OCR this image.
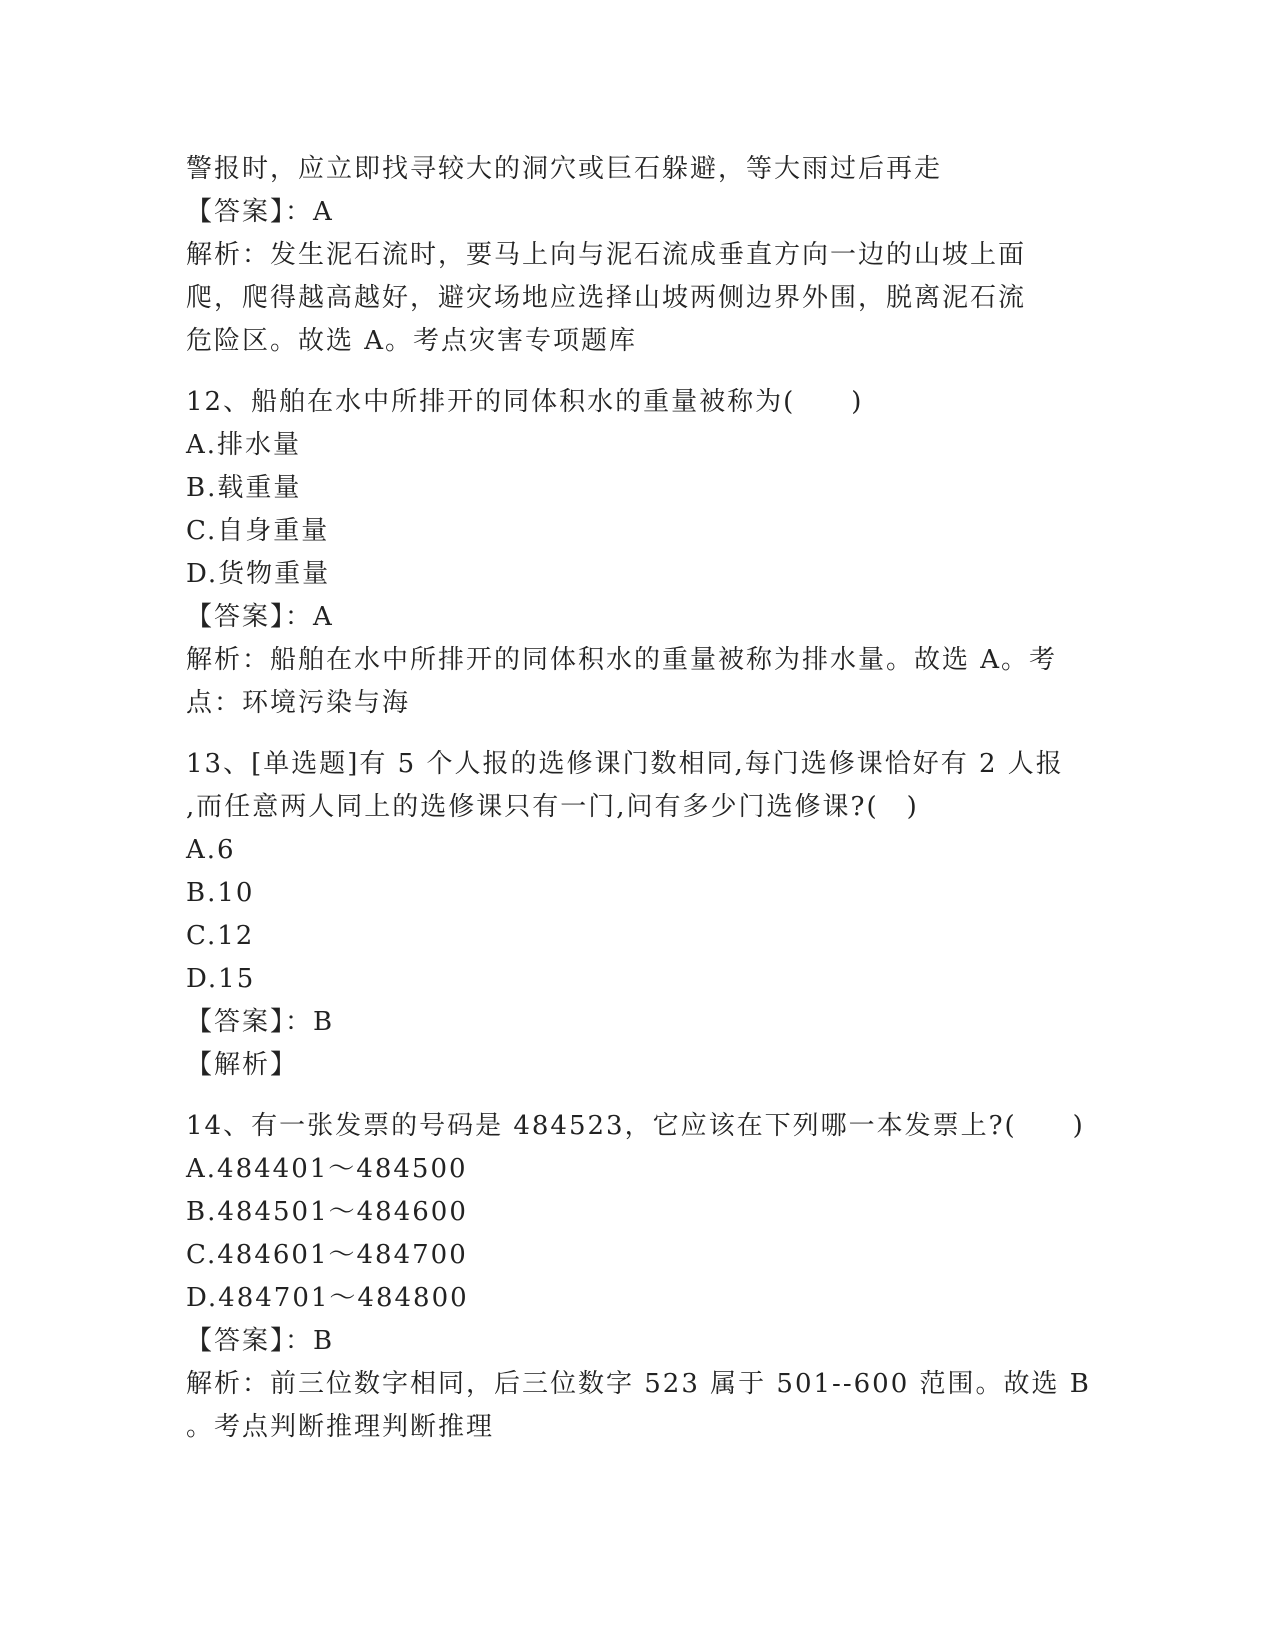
警报时，应立即找寻较大的洞穴或巨石躲避，等大雨过后再走
【答案】：A
解析：发生泥石流时，要马上向与泥石流成垂直方向一边的山坡上面
爬，爬得越高越好，避灾场地应选择山坡两侧边界外围，脱离泥石流
危险区。故选 A。考点灾害专项题库
12、船舶在水中所排开的同体积水的重量被称为(　　)
A.排水量
B.载重量
C.自身重量
D.货物重量
【答案】：A
解析：船舶在水中所排开的同体积水的重量被称为排水量。故选 A。考
点：环境污染与海
13、[单选题]有 5 个人报的选修课门数相同,每门选修课恰好有 2 人报
,而任意两人同上的选修课只有一门,问有多少门选修课?(　)
A.6
B.10
C.12
D.15
【答案】：B
【解析】
14、有一张发票的号码是 484523，它应该在下列哪一本发票上?(　　)
A.484401～484500
B.484501～484600
C.484601～484700
D.484701～484800
【答案】：B
解析：前三位数字相同，后三位数字 523 属于 501--600 范围。故选 B
。考点判断推理判断推理
